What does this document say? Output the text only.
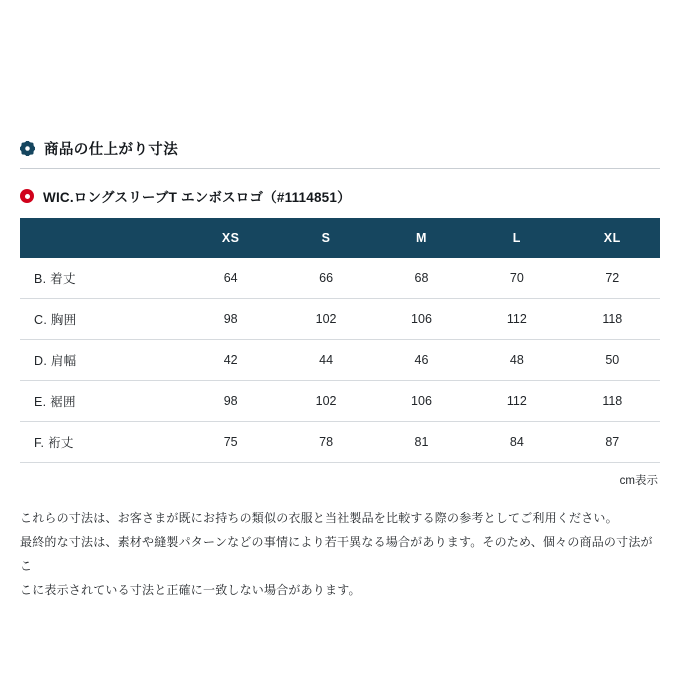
商品の仕上がり寸法
WIC.ロングスリーブT エンボスロゴ（#1114851）
	XS	S	M	L	XL
B. 着丈	64	66	68	70	72
C. 胸囲	98	102	106	112	118
D. 肩幅	42	44	46	48	50
E. 裾囲	98	102	106	112	118
F. 裄丈	75	78	81	84	87
cm表示

これらの寸法は、お客さまが既にお持ちの類似の衣服と当社製品を比較する際の参考としてご利用ください。

最終的な寸法は、素材や縫製パターンなどの事情により若干異なる場合があります。そのため、個々の商品の寸法がこ

こに表示されている寸法と正確に一致しない場合があります。
